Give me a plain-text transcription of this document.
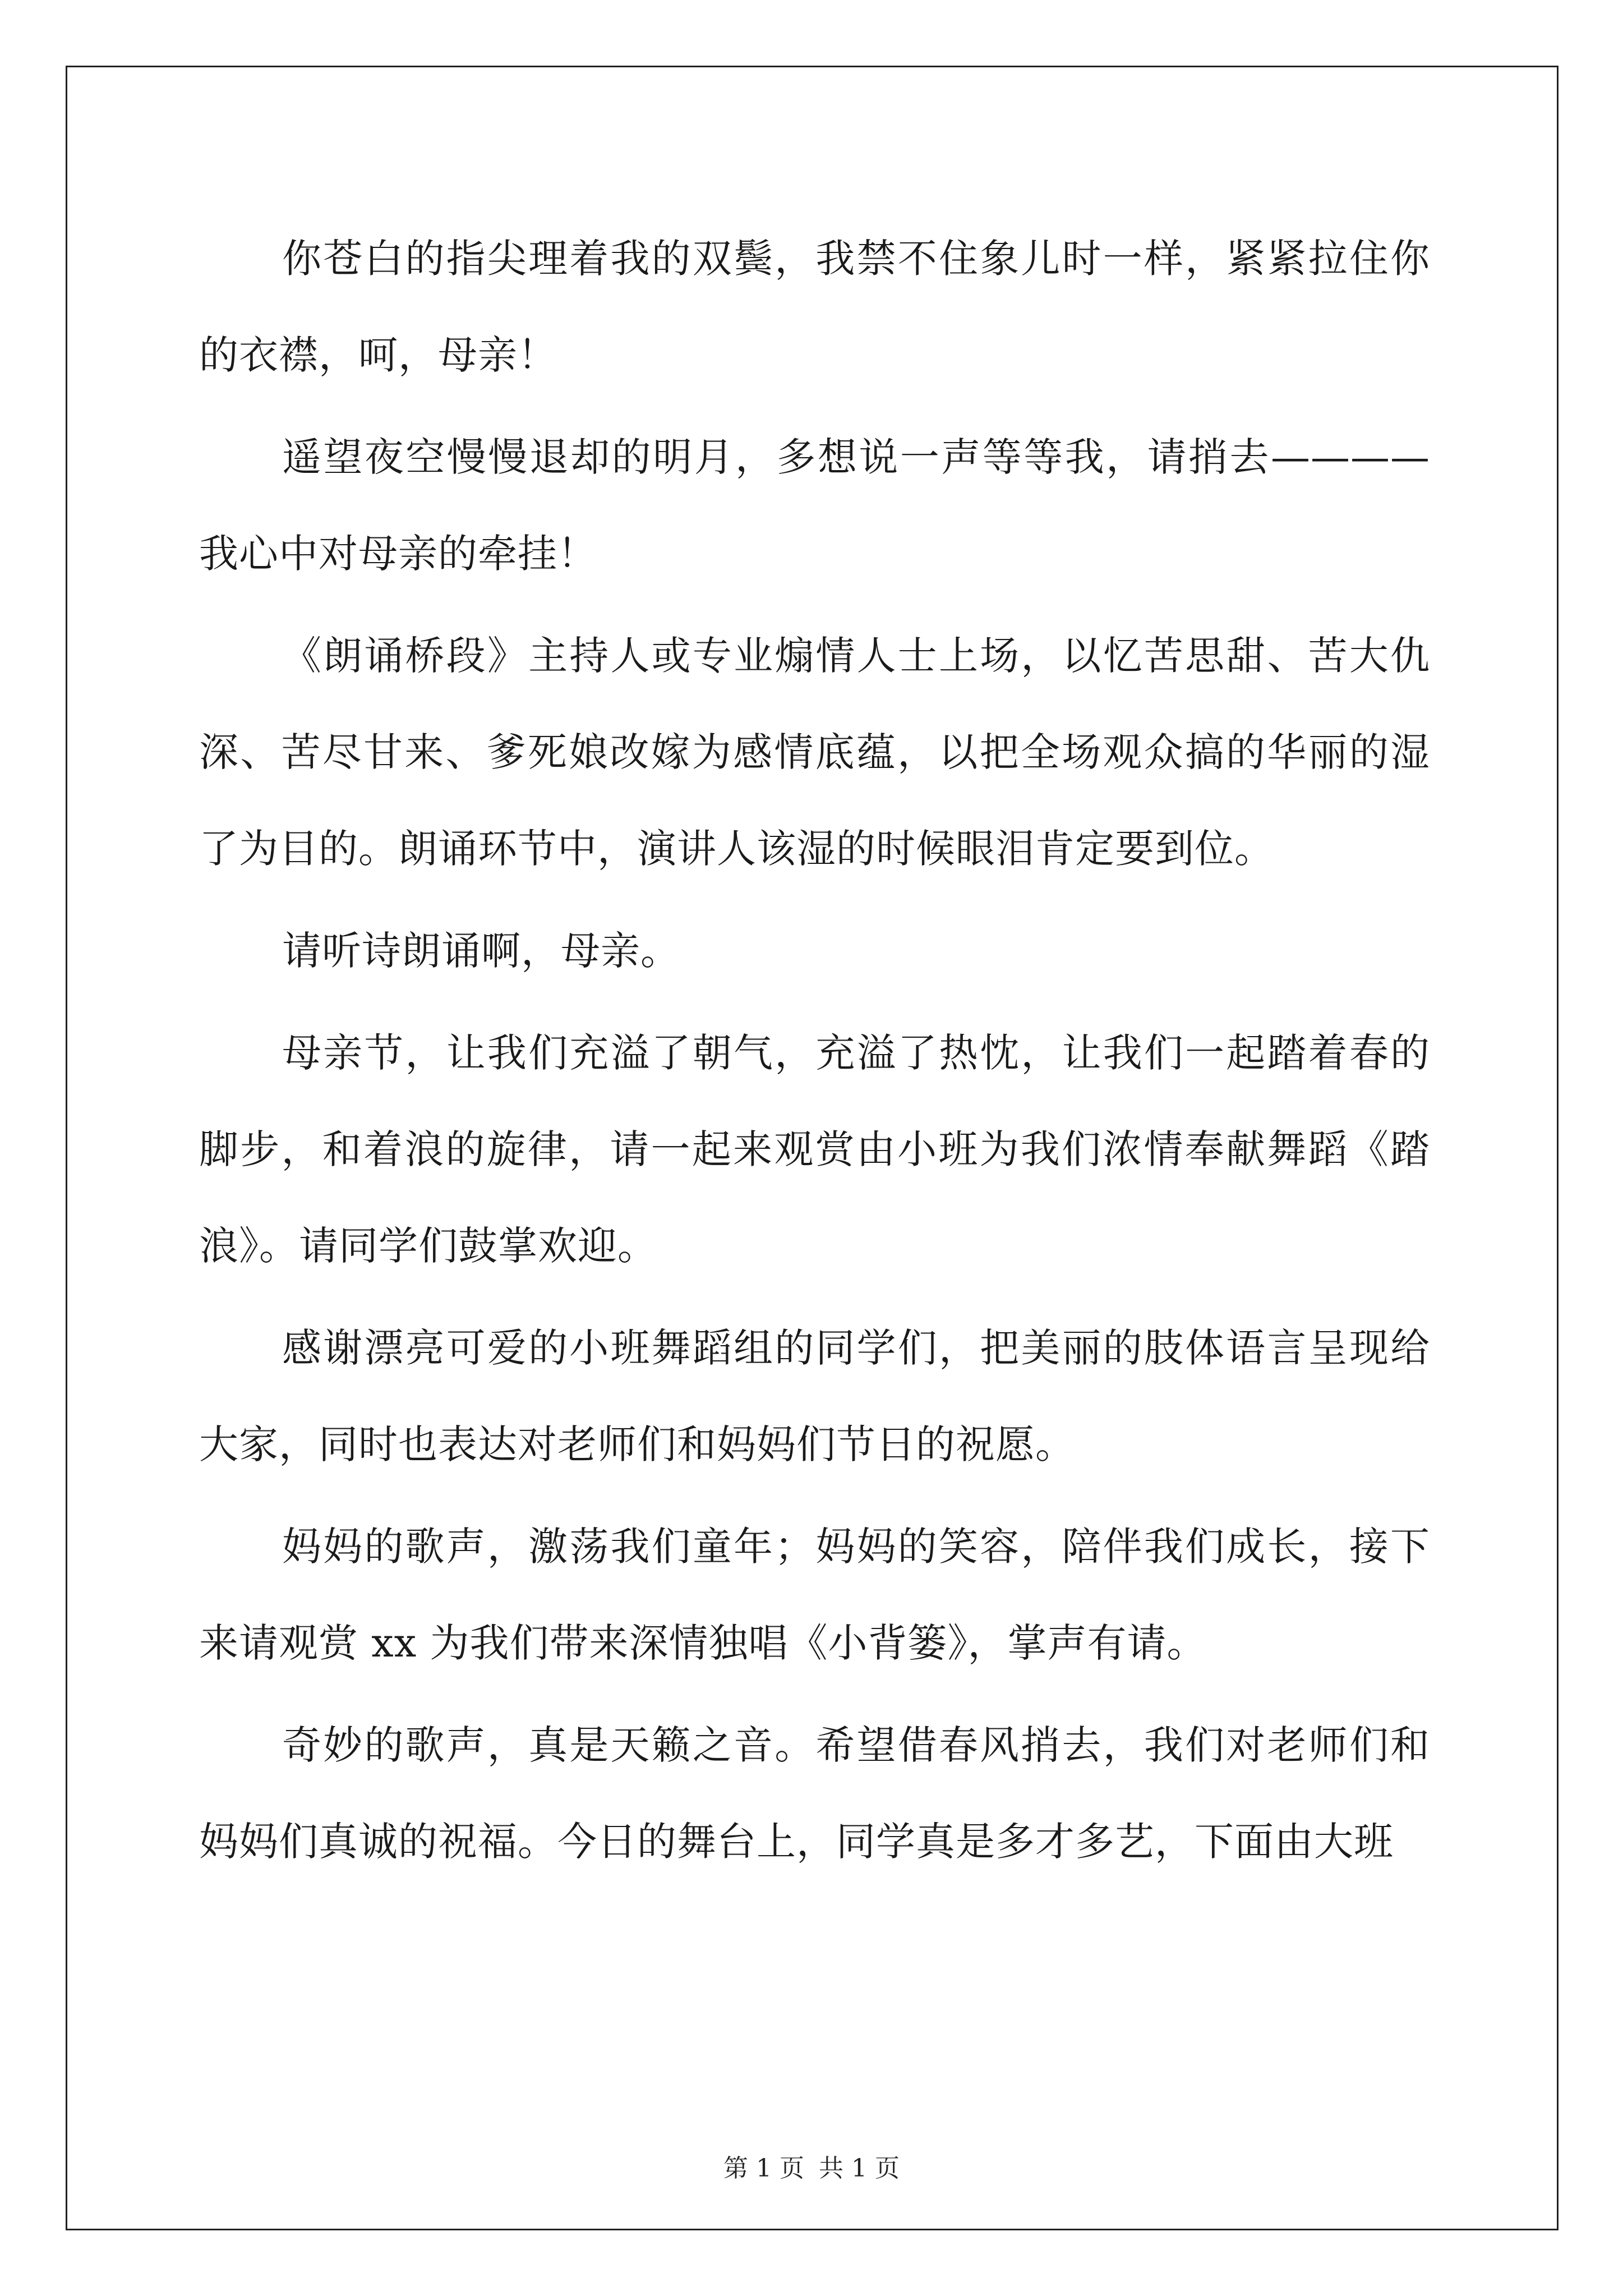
你苍白的指尖理着我的双鬓，我禁不住象儿时一样，紧紧拉住你的衣襟，呵，母亲！

遥望夜空慢慢退却的明月，多想说一声等等我，请捎去————我心中对母亲的牵挂！

《朗诵桥段》主持人或专业煽情人士上场，以忆苦思甜、苦大仇深、苦尽甘来、爹死娘改嫁为感情底蕴，以把全场观众搞的华丽的湿了为目的。朗诵环节中，演讲人该湿的时候眼泪肯定要到位。

请听诗朗诵啊，母亲。

母亲节，让我们充溢了朝气，充溢了热忱，让我们一起踏着春的脚步，和着浪的旋律，请一起来观赏由小班为我们浓情奉献舞蹈《踏浪》。请同学们鼓掌欢迎。

感谢漂亮可爱的小班舞蹈组的同学们，把美丽的肢体语言呈现给大家，同时也表达对老师们和妈妈们节日的祝愿。

妈妈的歌声，激荡我们童年；妈妈的笑容，陪伴我们成长，接下来请观赏 xx 为我们带来深情独唱《小背篓》，掌声有请。

奇妙的歌声，真是天籁之音。希望借春风捎去，我们对老师们和妈妈们真诚的祝福。今日的舞台上，同学真是多才多艺，下面由大班

第 1 页 共 1 页
